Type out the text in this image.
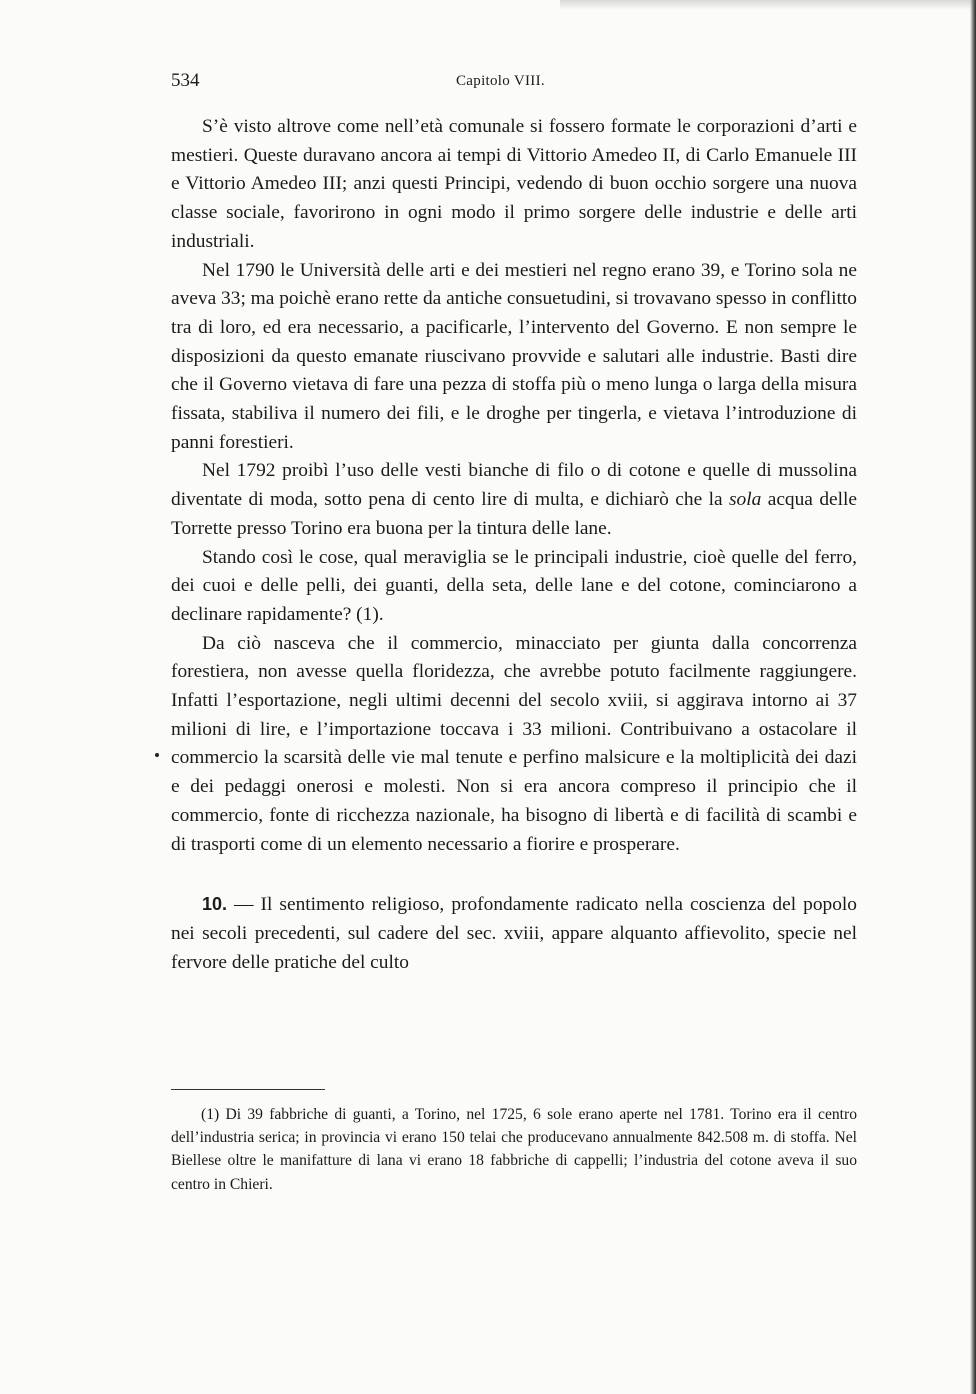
534	Capitolo VIII.

S’è visto altrove come nell’età comunale si fossero formate le corporazioni d’arti e mestieri. Queste duravano ancora ai tempi di Vittorio Amedeo II, di Carlo Emanuele III e Vittorio Amedeo III; anzi questi Principi, vedendo di buon occhio sorgere una nuova classe sociale, favorirono in ogni modo il primo sorgere delle industrie e delle arti industriali.

Nel 1790 le Università delle arti e dei mestieri nel regno erano 39, e Torino sola ne aveva 33; ma poichè erano rette da antiche consuetudini, si trovavano spesso in conflitto tra di loro, ed era necessario, a pacificarle, l’intervento del Governo. E non sempre le disposizioni da questo emanate riuscivano provvide e salutari alle industrie. Basti dire che il Governo vietava di fare una pezza di stoffa più o meno lunga o larga della misura fissata, stabiliva il numero dei fili, e le droghe per tingerla, e vietava l’introduzione di panni forestieri.

Nel 1792 proibì l’uso delle vesti bianche di filo o di cotone e quelle di mussolina diventate di moda, sotto pena di cento lire di multa, e dichiarò che la sola acqua delle Torrette presso Torino era buona per la tintura delle lane.

Stando così le cose, qual meraviglia se le principali industrie, cioè quelle del ferro, dei cuoi e delle pelli, dei guanti, della seta, delle lane e del cotone, cominciarono a declinare rapidamente? (1).

Da ciò nasceva che il commercio, minacciato per giunta dalla concorrenza forestiera, non avesse quella floridezza, che avrebbe potuto facilmente raggiungere. Infatti l’esportazione, negli ultimi decenni del secolo xviii, si aggirava intorno ai 37 milioni di lire, e l’importazione toccava i 33 milioni. Contribuivano a ostacolare il commercio la scarsità delle vie mal tenute e perfino malsicure e la moltiplicità dei dazi e dei pedaggi onerosi e molesti. Non si era ancora compreso il principio che il commercio, fonte di ricchezza nazionale, ha bisogno di libertà e di facilità di scambi e di trasporti come di un elemento necessario a fiorire e prosperare.

10. — Il sentimento religioso, profondamente radicato nella coscienza del popolo nei secoli precedenti, sul cadere del sec. xviii, appare alquanto affievolito, specie nel fervore delle pratiche del culto

(1) Di 39 fabbriche di guanti, a Torino, nel 1725, 6 sole erano aperte nel 1781. Torino era il centro dell’industria serica; in provincia vi erano 150 telai che producevano annualmente 842.508 m. di stoffa. Nel Biellese oltre le manifatture di lana vi erano 18 fabbriche di cappelli; l’industria del cotone aveva il suo centro in Chieri.
